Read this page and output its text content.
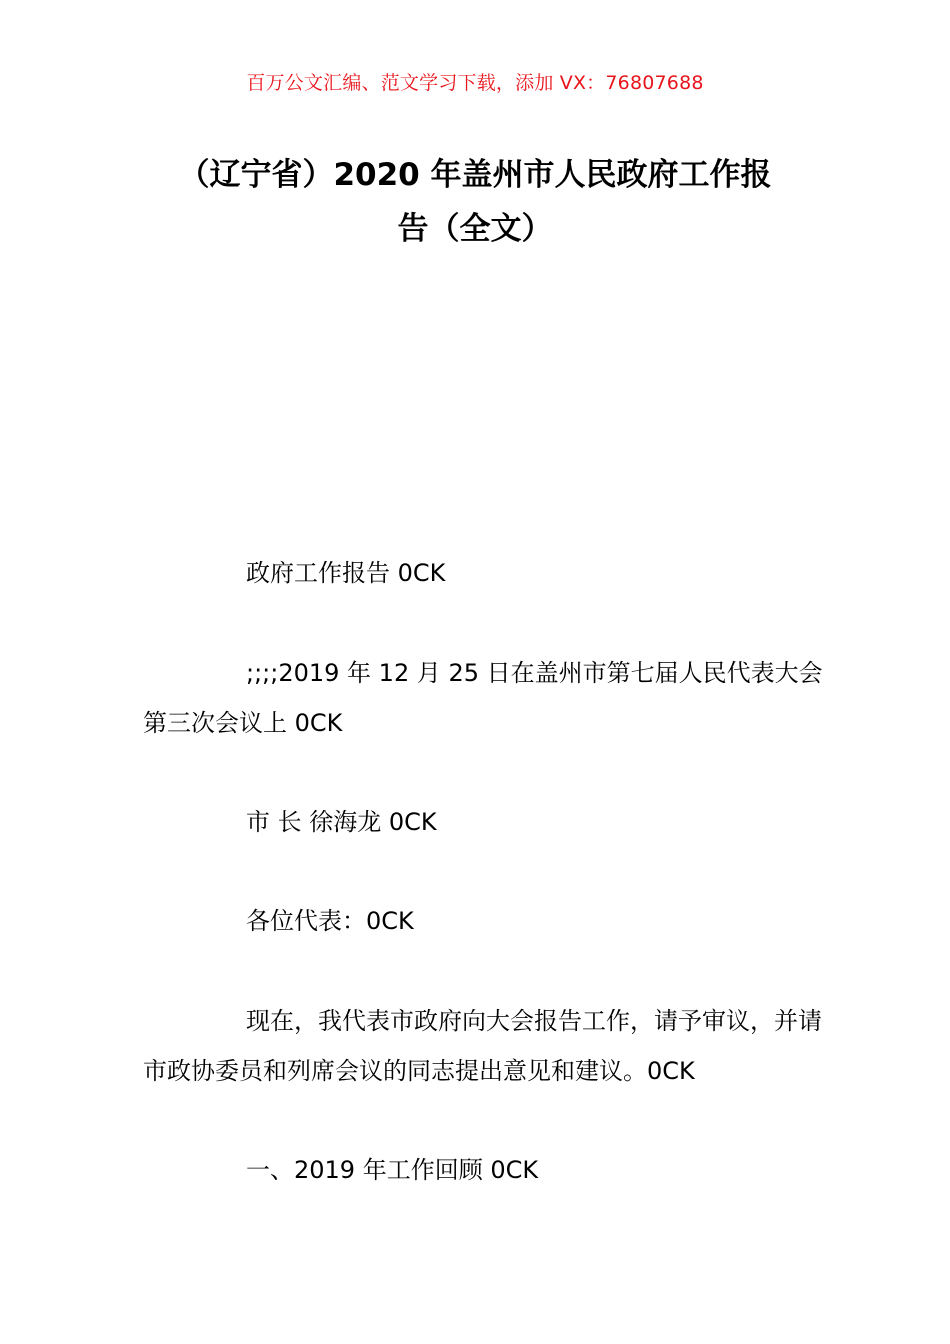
百万公文汇编、范文学习下载，添加 VX：76807688
（辽宁省）2020 年盖州市人民政府工作报
告（全文）

政府工作报告 0CK

;;;;2019 年 12 月 25 日在盖州市第七届人民代表大会第三次会议上 0CK

市 长 徐海龙 0CK

各位代表：0CK

现在，我代表市政府向大会报告工作，请予审议，并请市政协委员和列席会议的同志提出意见和建议。0CK

一、2019 年工作回顾 0CK
